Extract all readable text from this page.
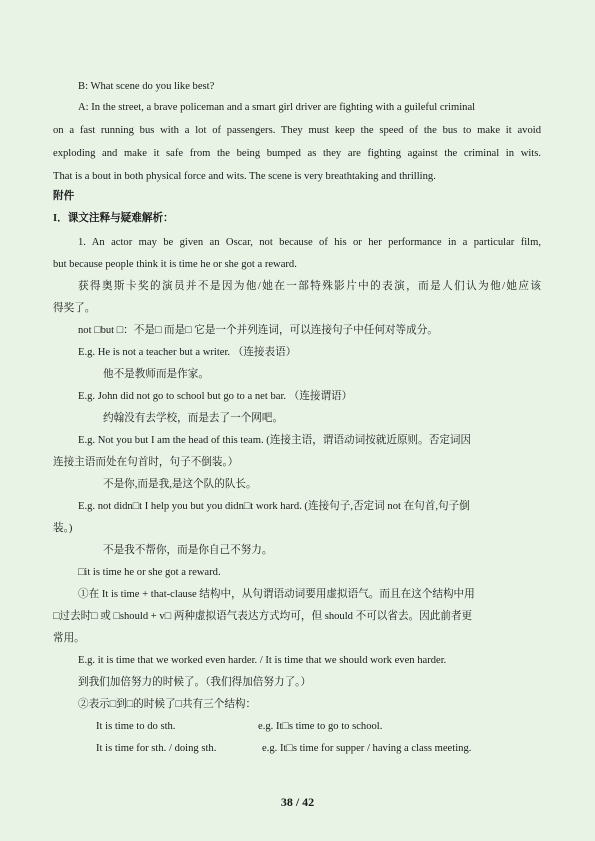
B: What scene do you like best?
A: In the street, a brave policeman and a smart girl driver are fighting with a guileful criminal
on a fast running bus with a lot of passengers. They must keep the speed of the bus to make it avoid
exploding and make it safe from the being bumped as they are fighting against the criminal in wits.
That is a bout in both physical force and wits. The scene is very breathtaking and thrilling.
附件
I．课文注释与疑难解析：
1. An actor may be given an Oscar, not because of his or her performance in a particular film,
but because people think it is time he or she got a reward.
获得奥斯卡奖的演员并不是因为他/她在一部特殊影片中的表演，而是人们认为他/她应该
得奖了。
not □but □：不是□ 而是□ 它是一个并列连词，可以连接句子中任何对等成分。
E.g. He is not a teacher but a writer. （连接表语）
他不是教师而是作家。
E.g. John did not go to school but go to a net bar. （连接谓语）
约翰没有去学校，而是去了一个网吧。
E.g. Not you but I am the head of this team. (连接主语，谓语动词按就近原则。否定词因
连接主语而处在句首时，句子不倒装。）
不是你,而是我,是这个队的队长。
E.g. not didn□t I help you but you didn□t work hard. (连接句子,否定词 not 在句首,句子倒
装。)
不是我不帮你，而是你自己不努力。
□it is time he or she got a reward.
①在 It is time + that-clause 结构中，从句谓语动词要用虚拟语气。而且在这个结构中用
□过去时□ 或 □should + v□ 两种虚拟语气表达方式均可，但 should 不可以省去。因此前者更
常用。
E.g. it is time that we worked even harder. / It is time that we should work even harder.
到我们加倍努力的时候了。（我们得加倍努力了。）
②表示□到□的时候了□共有三个结构：
It is time to do sth.	e.g. It□s time to go to school.
It is time for sth. / doing sth.	e.g. It□s time for supper / having a class meeting.
38 / 42
